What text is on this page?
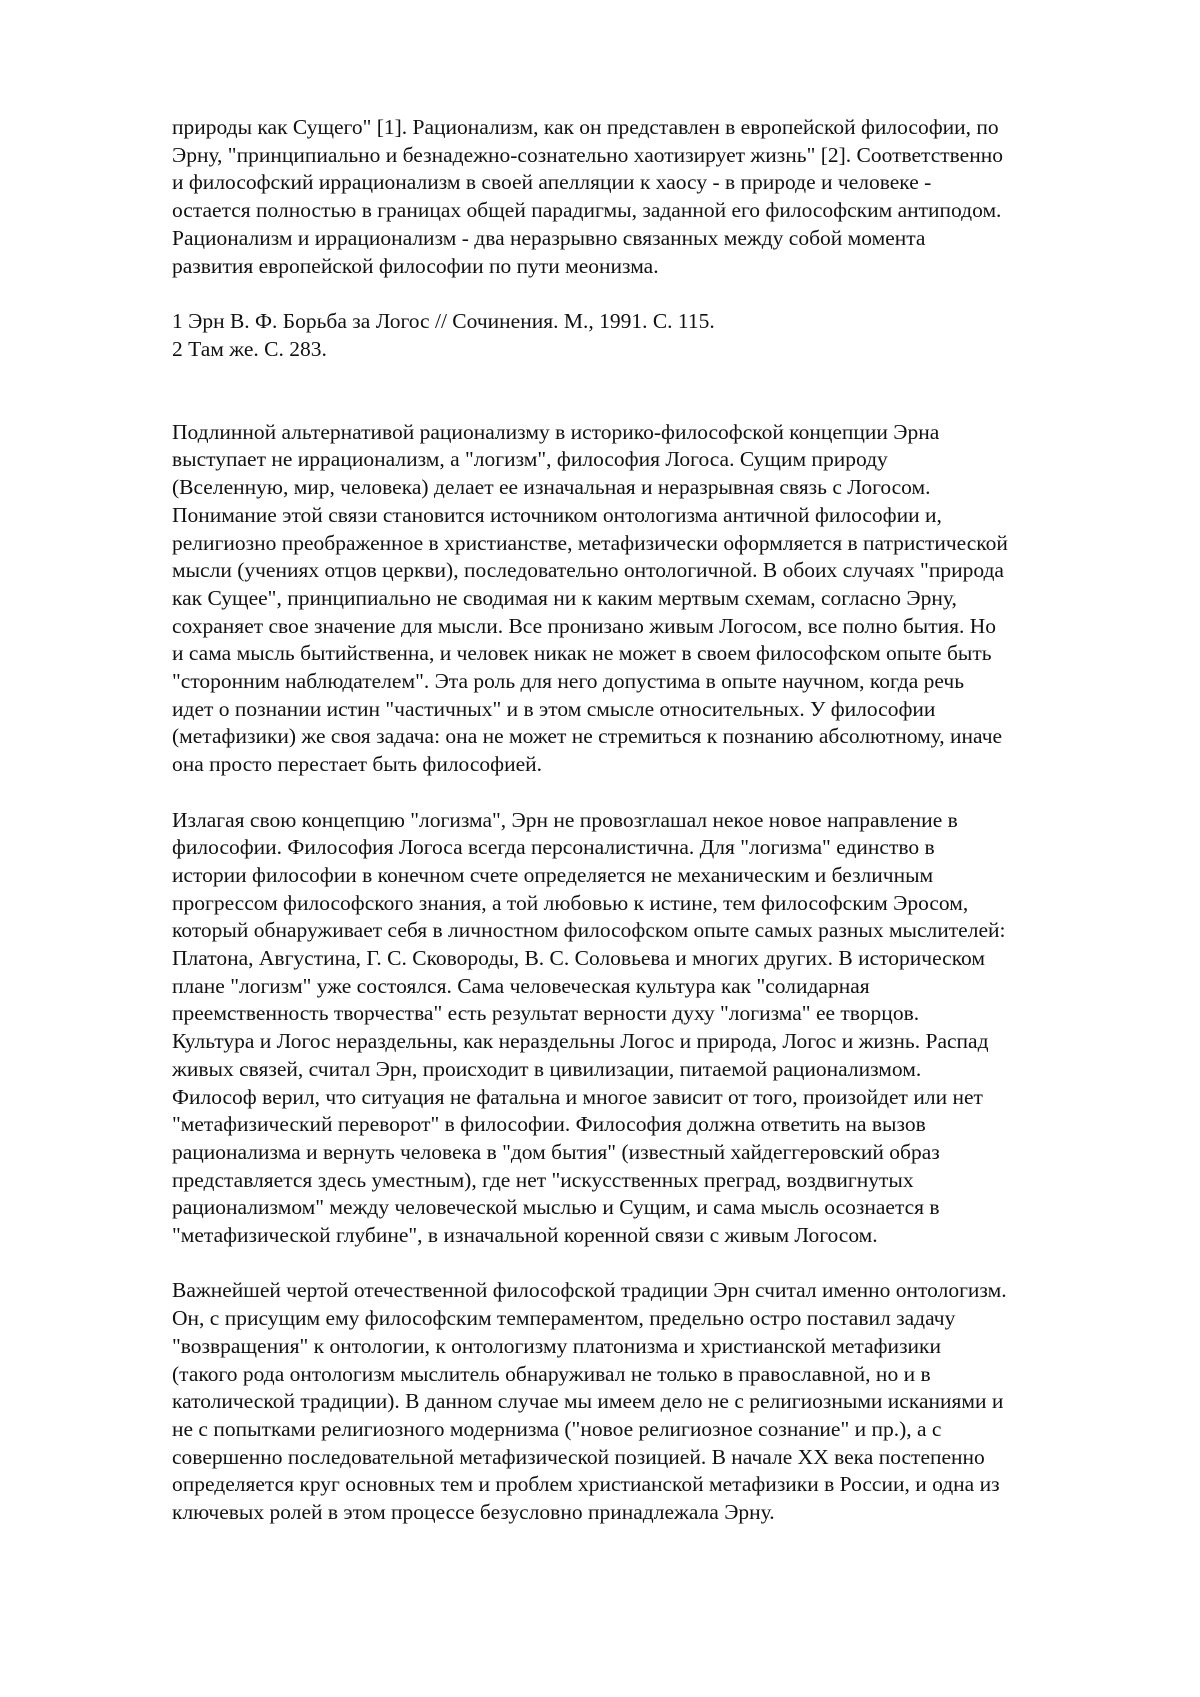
природы как Сущего" [1]. Рационализм, как он представлен в европейской философии, по
Эрну, "принципиально и безнадежно-сознательно хаотизирует жизнь" [2]. Соответственно
и философский иррационализм в своей апелляции к хаосу - в природе и человеке -
остается полностью в границах общей парадигмы, заданной его философским антиподом.
Рационализм и иррационализм - два неразрывно связанных между собой момента
развития европейской философии по пути меонизма.

1 Эрн В. Ф. Борьба за Логос // Сочинения. М., 1991. С. 115.
2 Там же. С. 283.

Подлинной альтернативой рационализму в историко-философской концепции Эрна
выступает не иррационализм, а "логизм", философия Логоса. Сущим природу
(Вселенную, мир, человека) делает ее изначальная и неразрывная связь с Логосом.
Понимание этой связи становится источником онтологизма античной философии и,
религиозно преображенное в христианстве, метафизически оформляется в патристической
мысли (учениях отцов церкви), последовательно онтологичной. В обоих случаях "природа
как Сущее", принципиально не сводимая ни к каким мертвым схемам, согласно Эрну,
сохраняет свое значение для мысли. Все пронизано живым Логосом, все полно бытия. Но
и сама мысль бытийственна, и человек никак не может в своем философском опыте быть
"сторонним наблюдателем". Эта роль для него допустима в опыте научном, когда речь
идет о познании истин "частичных" и в этом смысле относительных. У философии
(метафизики) же своя задача: она не может не стремиться к познанию абсолютному, иначе
она просто перестает быть философией.

Излагая свою концепцию "логизма", Эрн не провозглашал некое новое направление в
философии. Философия Логоса всегда персоналистична. Для "логизма" единство в
истории философии в конечном счете определяется не механическим и безличным
прогрессом философского знания, а той любовью к истине, тем философским Эросом,
который обнаруживает себя в личностном философском опыте самых разных мыслителей:
Платона, Августина, Г. С. Сковороды, В. С. Соловьева и многих других. В историческом
плане "логизм" уже состоялся. Сама человеческая культура как "солидарная
преемственность творчества" есть результат верности духу "логизма" ее творцов.
Культура и Логос нераздельны, как нераздельны Логос и природа, Логос и жизнь. Распад
живых связей, считал Эрн, происходит в цивилизации, питаемой рационализмом.
Философ верил, что ситуация не фатальна и многое зависит от того, произойдет или нет
"метафизический переворот" в философии. Философия должна ответить на вызов
рационализма и вернуть человека в "дом бытия" (известный хайдеггеровский образ
представляется здесь уместным), где нет "искусственных преград, воздвигнутых
рационализмом" между человеческой мыслью и Сущим, и сама мысль осознается в
"метафизической глубине", в изначальной коренной связи с живым Логосом.

Важнейшей чертой отечественной философской традиции Эрн считал именно онтологизм.
Он, с присущим ему философским темпераментом, предельно остро поставил задачу
"возвращения" к онтологии, к онтологизму платонизма и христианской метафизики
(такого рода онтологизм мыслитель обнаруживал не только в православной, но и в
католической традиции). В данном случае мы имеем дело не с религиозными исканиями и
не с попытками религиозного модернизма ("новое религиозное сознание" и пр.), а с
совершенно последовательной метафизической позицией. В начале XX века постепенно
определяется круг основных тем и проблем христианской метафизики в России, и одна из
ключевых ролей в этом процессе безусловно принадлежала Эрну.
